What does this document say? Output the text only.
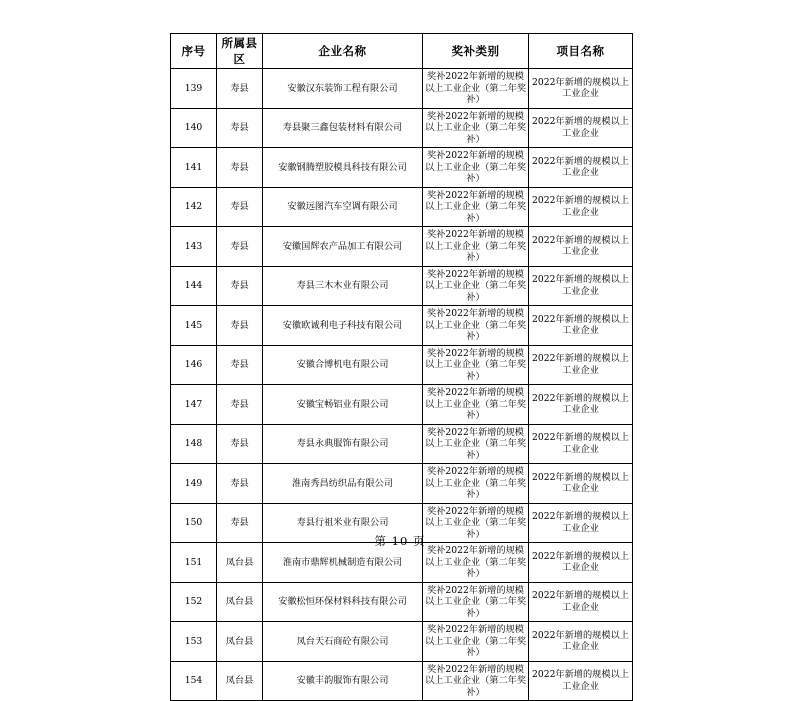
序号	所属县区	企业名称	奖补类别	项目名称
139	寿县	安徽汉东装饰工程有限公司	奖补2022年新增的规模以上工业企业（第二年奖补）	2022年新增的规模以上工业企业
140	寿县	寿县聚三鑫包装材料有限公司	奖补2022年新增的规模以上工业企业（第二年奖补）	2022年新增的规模以上工业企业
141	寿县	安徽钢腾塑胶模具科技有限公司	奖补2022年新增的规模以上工业企业（第二年奖补）	2022年新增的规模以上工业企业
142	寿县	安徽远图汽车空调有限公司	奖补2022年新增的规模以上工业企业（第二年奖补）	2022年新增的规模以上工业企业
143	寿县	安徽国辉农产品加工有限公司	奖补2022年新增的规模以上工业企业（第二年奖补）	2022年新增的规模以上工业企业
144	寿县	寿县三木木业有限公司	奖补2022年新增的规模以上工业企业（第二年奖补）	2022年新增的规模以上工业企业
145	寿县	安徽欧诚利电子科技有限公司	奖补2022年新增的规模以上工业企业（第二年奖补）	2022年新增的规模以上工业企业
146	寿县	安徽合博机电有限公司	奖补2022年新增的规模以上工业企业（第二年奖补）	2022年新增的规模以上工业企业
147	寿县	安徽宝畅铝业有限公司	奖补2022年新增的规模以上工业企业（第二年奖补）	2022年新增的规模以上工业企业
148	寿县	寿县永典服饰有限公司	奖补2022年新增的规模以上工业企业（第二年奖补）	2022年新增的规模以上工业企业
149	寿县	淮南秀昌纺织品有限公司	奖补2022年新增的规模以上工业企业（第二年奖补）	2022年新增的规模以上工业企业
150	寿县	寿县行祖米业有限公司	奖补2022年新增的规模以上工业企业（第二年奖补）	2022年新增的规模以上工业企业
151	凤台县	淮南市鼎辉机械制造有限公司	奖补2022年新增的规模以上工业企业（第二年奖补）	2022年新增的规模以上工业企业
152	凤台县	安徽松恒环保材料科技有限公司	奖补2022年新增的规模以上工业企业（第二年奖补）	2022年新增的规模以上工业企业
153	凤台县	凤台天石商砼有限公司	奖补2022年新增的规模以上工业企业（第二年奖补）	2022年新增的规模以上工业企业
154	凤台县	安徽丰韵服饰有限公司	奖补2022年新增的规模以上工业企业（第二年奖补）	2022年新增的规模以上工业企业
第 10 页
